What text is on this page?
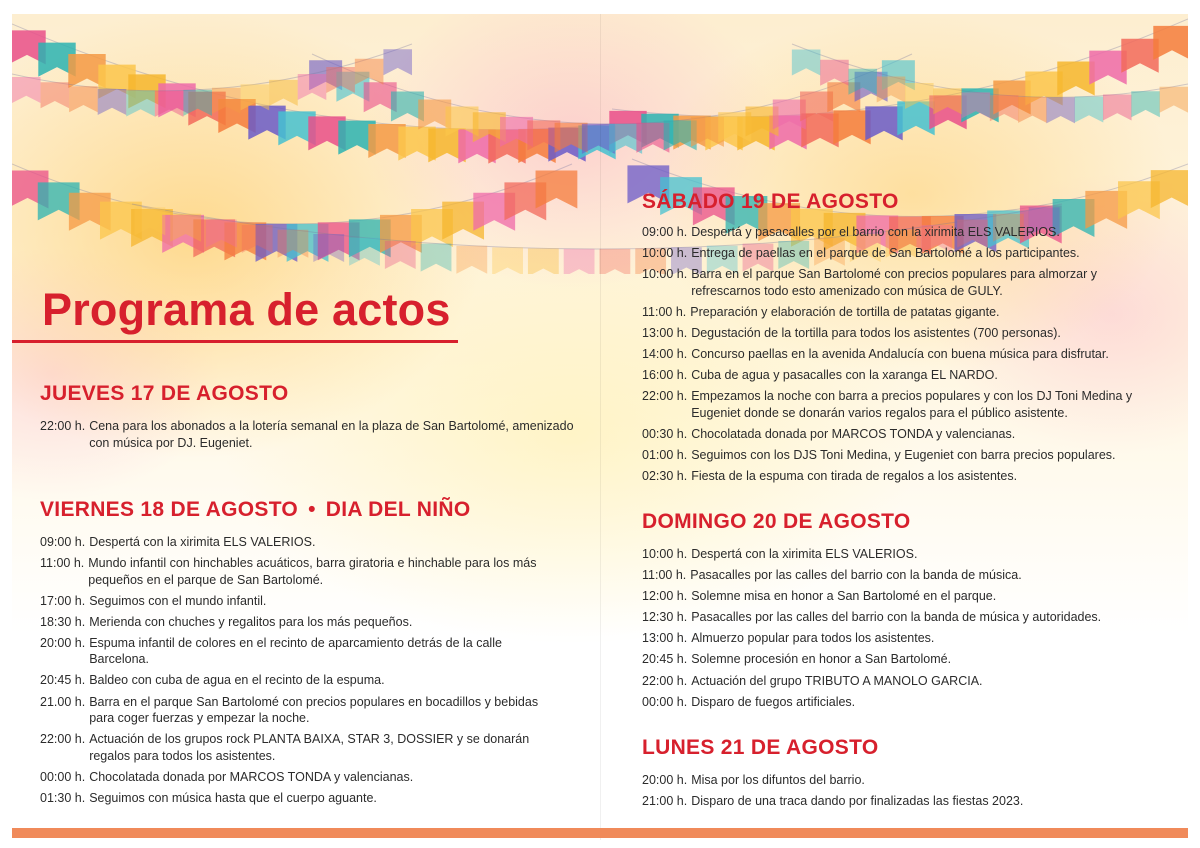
Programa de actos
JUEVES 17 DE AGOSTO
22:00 h. Cena para los abonados a la lotería semanal en la plaza de San Bartolomé, amenizado con música por DJ. Eugeniet.
VIERNES 18 DE AGOSTO • DIA DEL NIÑO
09:00 h. Despertá con la xirimita ELS VALERIOS.
11:00 h. Mundo infantil con hinchables acuáticos, barra giratoria e hinchable para los más pequeños en el parque de San Bartolomé.
17:00 h. Seguimos con el mundo infantil.
18:30 h. Merienda con chuches y regalitos para los más pequeños.
20:00 h. Espuma infantil de colores en el recinto de aparcamiento detrás de la calle Barcelona.
20:45 h. Baldeo con cuba de agua en el recinto de la espuma.
21.00 h. Barra en el parque San Bartolomé con precios populares en bocadillos y bebidas para coger fuerzas y empezar la noche.
22:00 h. Actuación de los grupos rock PLANTA BAIXA, STAR 3, DOSSIER y se donarán regalos para todos los asistentes.
00:00 h. Chocolatada donada por MARCOS TONDA y valencianas.
01:30 h. Seguimos con música hasta que el cuerpo aguante.
SÁBADO 19 DE AGOSTO
09:00 h. Despertá y pasacalles por el barrio con la xirimita ELS VALERIOS.
10:00 h. Entrega de paellas en el parque de San Bartolomé a los participantes.
10:00 h. Barra en el parque San Bartolomé con precios populares para almorzar y refrescarnos todo esto amenizado con música de GULY.
11:00 h. Preparación y elaboración de tortilla de patatas gigante.
13:00 h. Degustación de la tortilla para todos los asistentes (700 personas).
14:00 h. Concurso paellas en la avenida Andalucía con buena música para disfrutar.
16:00 h. Cuba de agua y pasacalles con la xaranga EL NARDO.
22:00 h. Empezamos la noche con barra a precios populares y con los DJ Toni Medina y Eugeniet donde se donarán varios regalos para el público asistente.
00:30 h. Chocolatada donada por MARCOS TONDA y valencianas.
01:00 h. Seguimos con los DJS Toni Medina, y Eugeniet con barra precios populares.
02:30 h. Fiesta de la espuma con tirada de regalos a los asistentes.
DOMINGO 20 DE AGOSTO
10:00 h. Despertá con la xirimita ELS VALERIOS.
11:00 h. Pasacalles por las calles del barrio con la banda de música.
12:00 h. Solemne misa en honor a San Bartolomé en el parque.
12:30 h. Pasacalles por las calles del barrio con la banda de música y autoridades.
13:00 h. Almuerzo popular para todos los asistentes.
20:45 h. Solemne procesión en honor a San Bartolomé.
22:00 h. Actuación del grupo TRIBUTO A MANOLO GARCIA.
00:00 h. Disparo de fuegos artificiales.
LUNES 21 DE AGOSTO
20:00 h. Misa por los difuntos del barrio.
21:00 h. Disparo de una traca dando por finalizadas las fiestas 2023.
